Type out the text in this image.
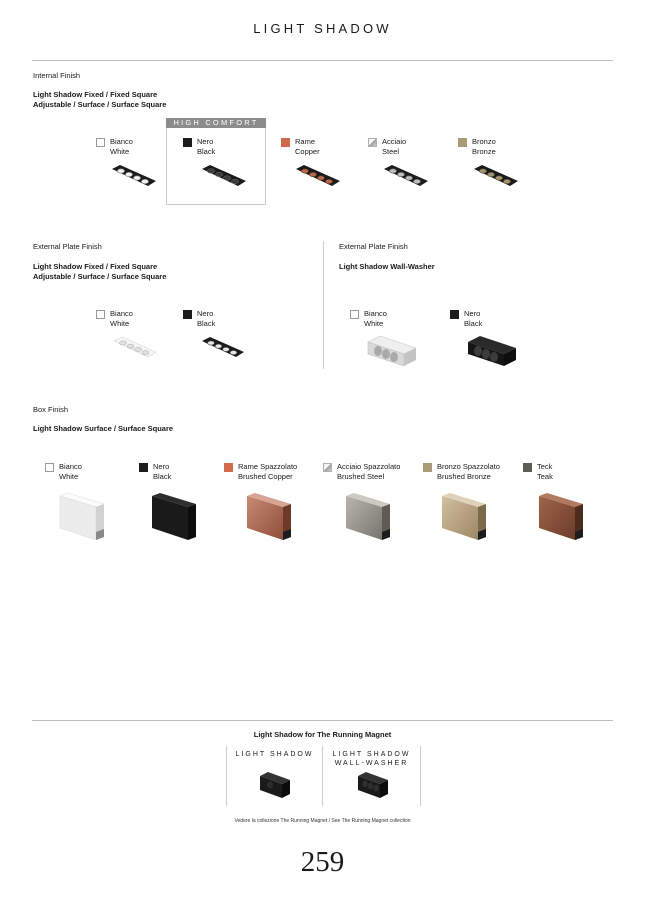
LIGHT SHADOW
Internal Finish
Light Shadow Fixed / Fixed Square
Adjustable / Surface / Surface Square
HIGH COMFORT
Bianco
White
Nero
Black
Rame
Copper
Acciaio
Steel
Bronzo
Bronze
External Plate Finish
Light Shadow Fixed / Fixed Square
Adjustable / Surface / Surface Square
Bianco
White
Nero
Black
External Plate Finish
Light Shadow Wall-Washer
Bianco
White
Nero
Black
Box Finish
Light Shadow Surface / Surface Square
Bianco
White
Nero
Black
Rame Spazzolato
Brushed Copper
Acciaio Spazzolato
Brushed Steel
Bronzo Spazzolato
Brushed Bronze
Teck
Teak
Light Shadow for The Running Magnet
LIGHT SHADOW	LIGHT SHADOW
WALL-WASHER
Vedere la collezione The Running Magnet / See The Running Magnet collection
259
